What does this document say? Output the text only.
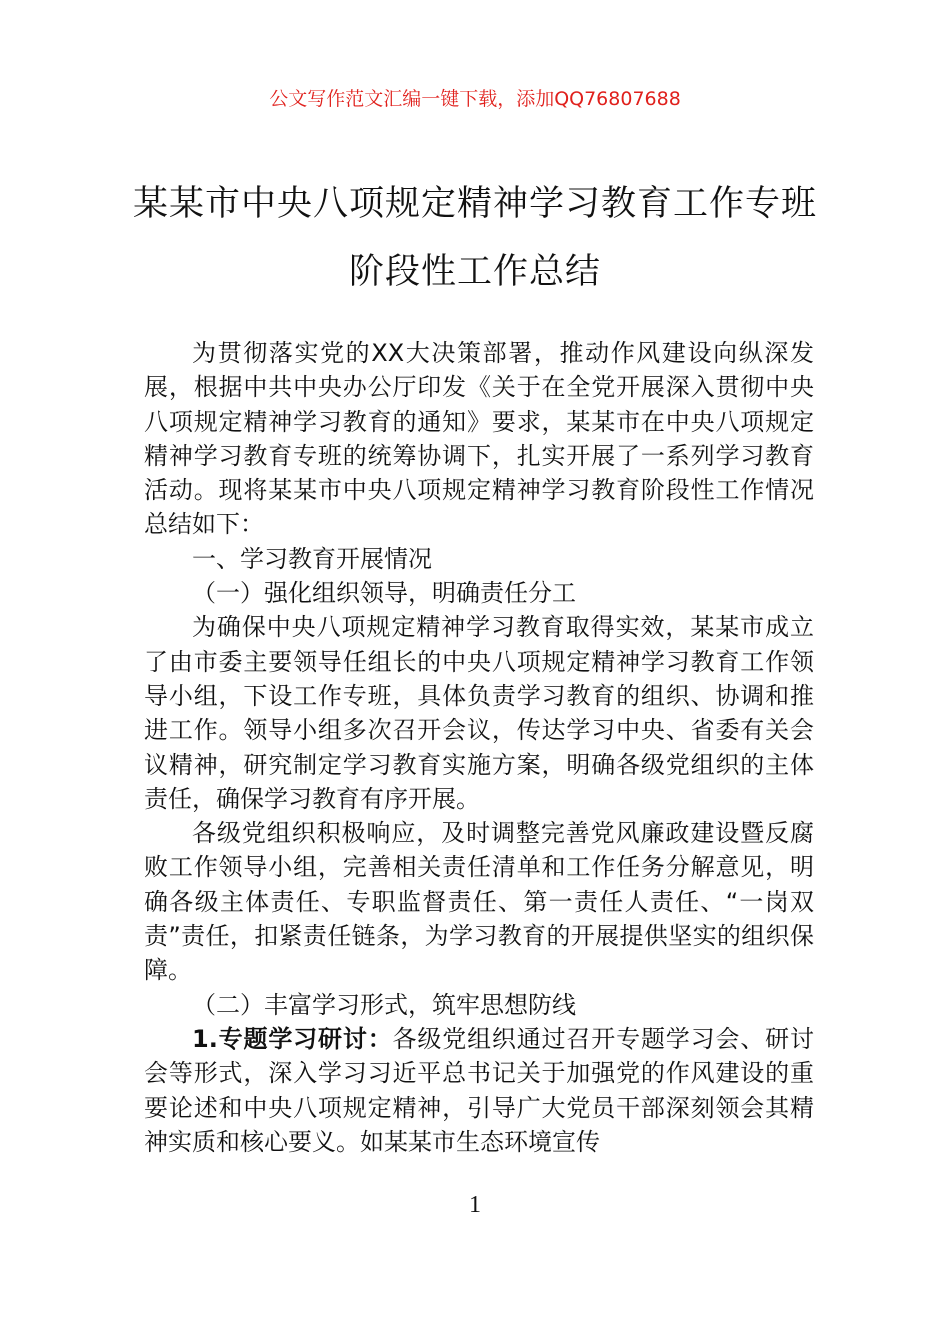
公文写作范文汇编一键下载，添加QQ76807688
某某市中央八项规定精神学习教育工作专班阶段性工作总结

为贯彻落实党的XX大决策部署，推动作风建设向纵深发展，根据中共中央办公厅印发《关于在全党开展深入贯彻中央八项规定精神学习教育的通知》要求，某某市在中央八项规定精神学习教育专班的统筹协调下，扎实开展了一系列学习教育活动。现将某某市中央八项规定精神学习教育阶段性工作情况总结如下：

一、学习教育开展情况

（一）强化组织领导，明确责任分工

为确保中央八项规定精神学习教育取得实效，某某市成立了由市委主要领导任组长的中央八项规定精神学习教育工作领导小组，下设工作专班，具体负责学习教育的组织、协调和推进工作。领导小组多次召开会议，传达学习中央、省委有关会议精神，研究制定学习教育实施方案，明确各级党组织的主体责任，确保学习教育有序开展。

各级党组织积极响应，及时调整完善党风廉政建设暨反腐败工作领导小组，完善相关责任清单和工作任务分解意见，明确各级主体责任、专职监督责任、第一责任人责任、“一岗双责”责任，扣紧责任链条，为学习教育的开展提供坚实的组织保障。

（二）丰富学习形式，筑牢思想防线

1.专题学习研讨：各级党组织通过召开专题学习会、研讨会等形式，深入学习习近平总书记关于加强党的作风建设的重要论述和中央八项规定精神，引导广大党员干部深刻领会其精神实质和核心要义。如某某市生态环境宣传

1
